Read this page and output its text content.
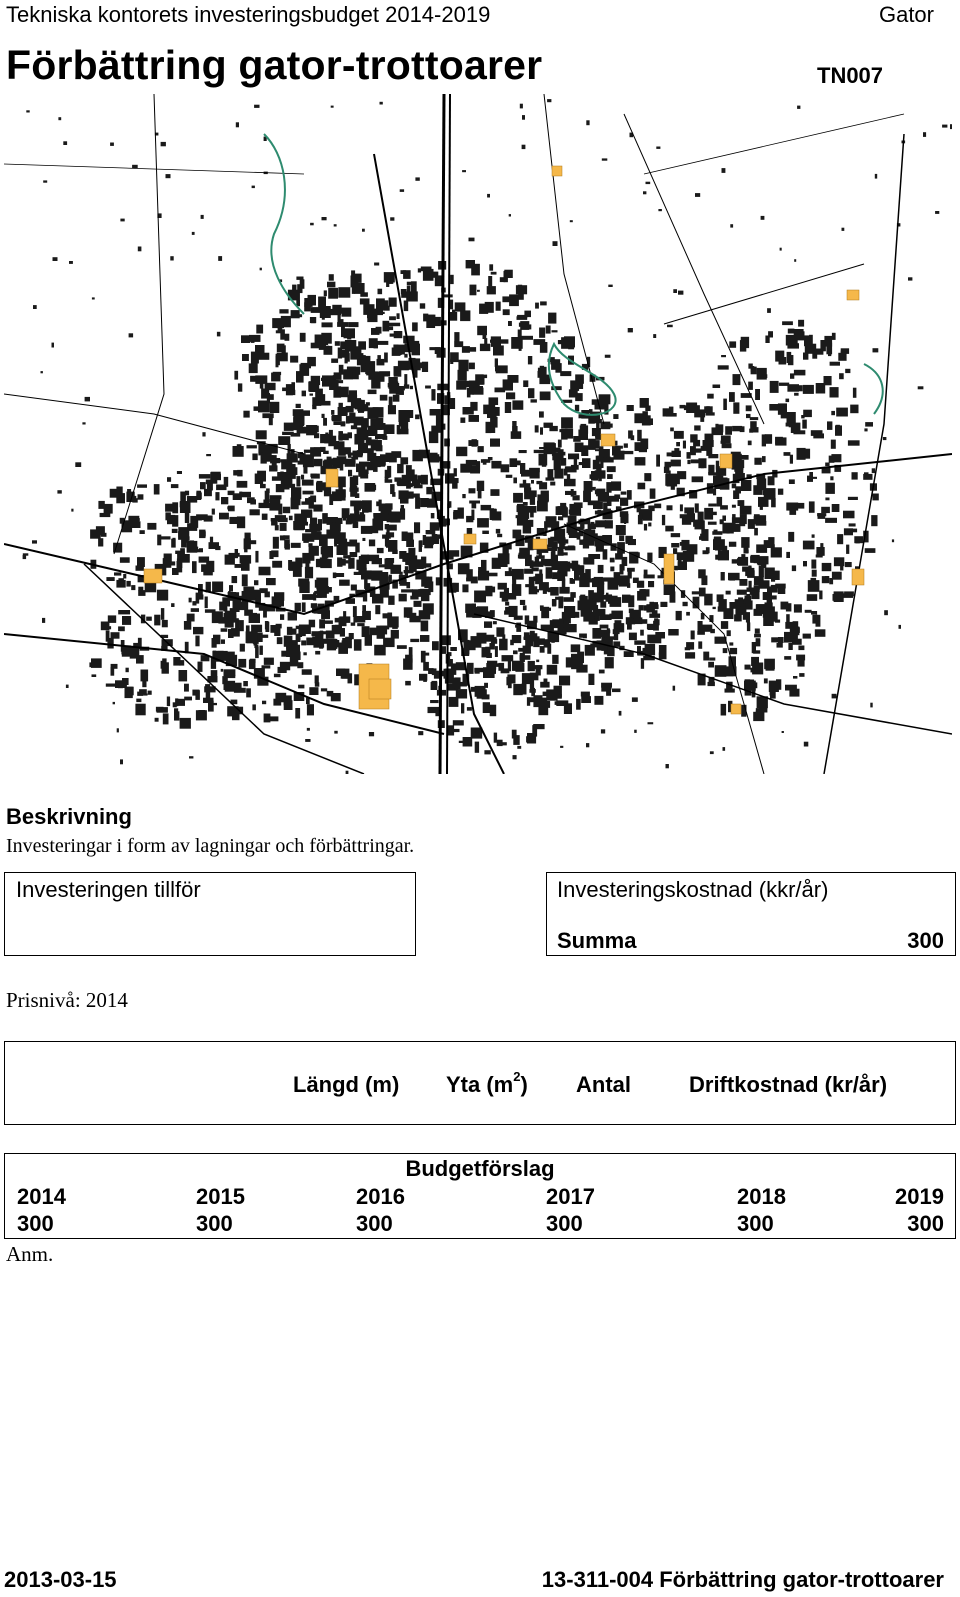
Tekniska kontorets investeringsbudget 2014-2019	Gator
Förbättring gator-trottoarer	TN007
Beskrivning
Investeringar i form av lagningar och förbättringar.
Investeringen tillför	Investeringskostnad (kkr/år)
Summa	300
Prisnivå: 2014
Längd (m) Yta $(m^2)$ Antal	Driftkostnad (kr/år)
Budgetförslag
2014	2015	2016	2017	2018	2019
300	300	300	300	300	300
Anm.
2013-03-15	13-311-004 Förbättring gator-trottoarer
